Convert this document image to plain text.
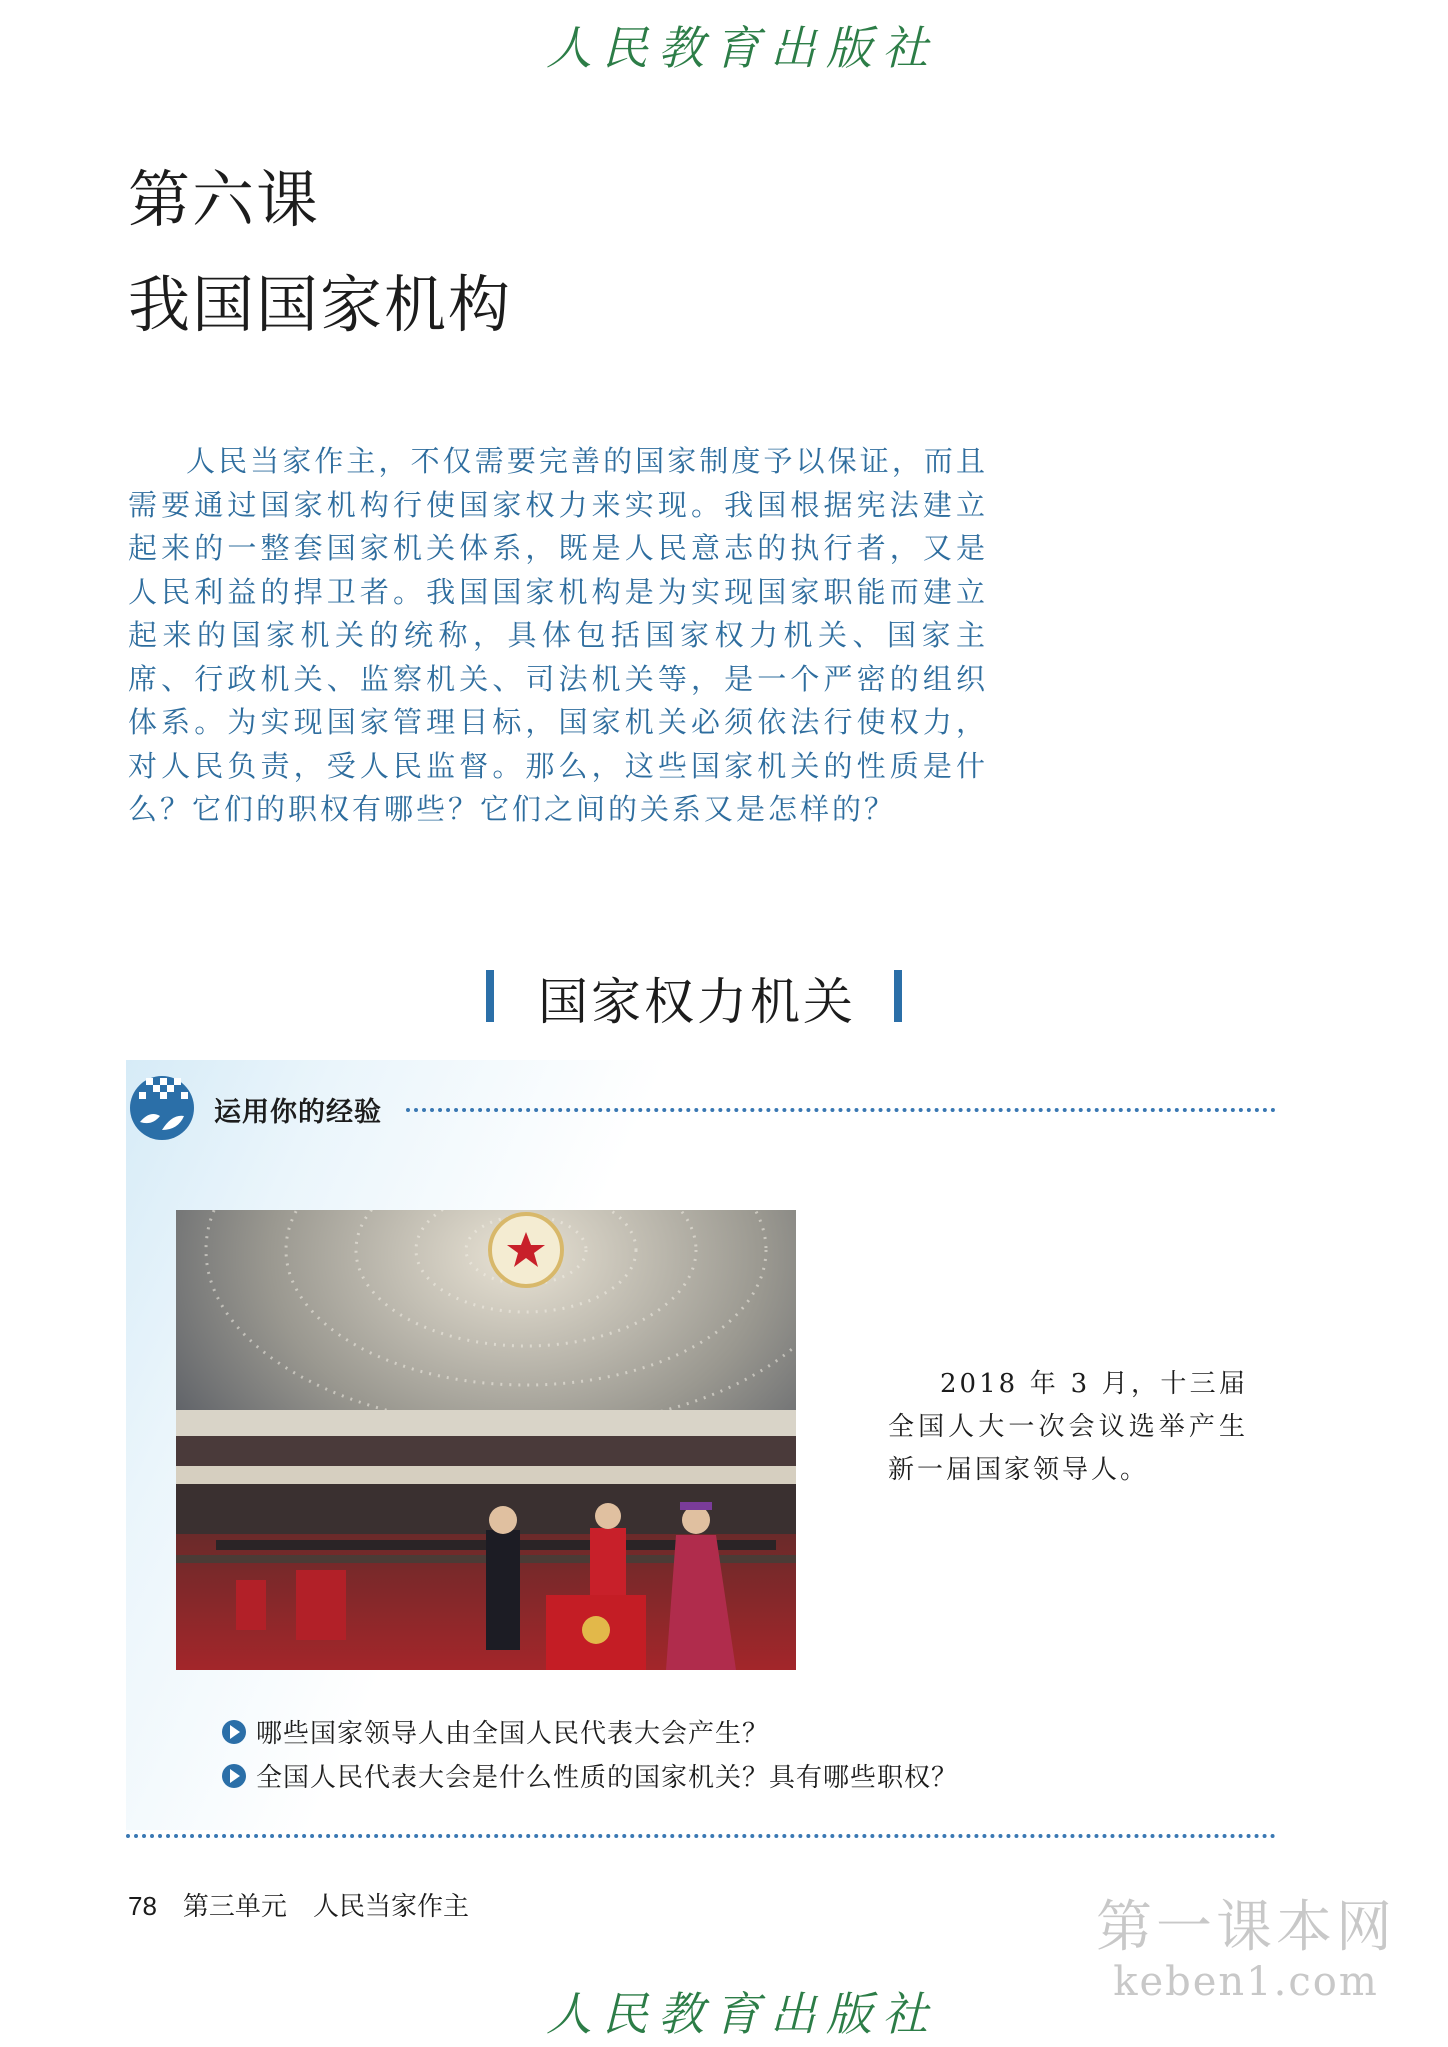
人民教育出版社
第六课
我国国家机构

人民当家作主，不仅需要完善的国家制度予以保证，而且需要通过国家机构行使国家权力来实现。我国根据宪法建立起来的一整套国家机关体系，既是人民意志的执行者，又是人民利益的捍卫者。我国国家机构是为实现国家职能而建立起来的国家机关的统称，具体包括国家权力机关、国家主席、行政机关、监察机关、司法机关等，是一个严密的组织体系。为实现国家管理目标，国家机关必须依法行使权力，对人民负责，受人民监督。那么，这些国家机关的性质是什么？它们的职权有哪些？它们之间的关系又是怎样的？

国家权力机关
运用你的经验

2018 年 3 月，十三届全国人大一次会议选举产生新一届国家领导人。

哪些国家领导人由全国人民代表大会产生？
全国人民代表大会是什么性质的国家机关？具有哪些职权？
78 第三单元 人民当家作主	第一课本网
keben1.com
人民教育出版社
